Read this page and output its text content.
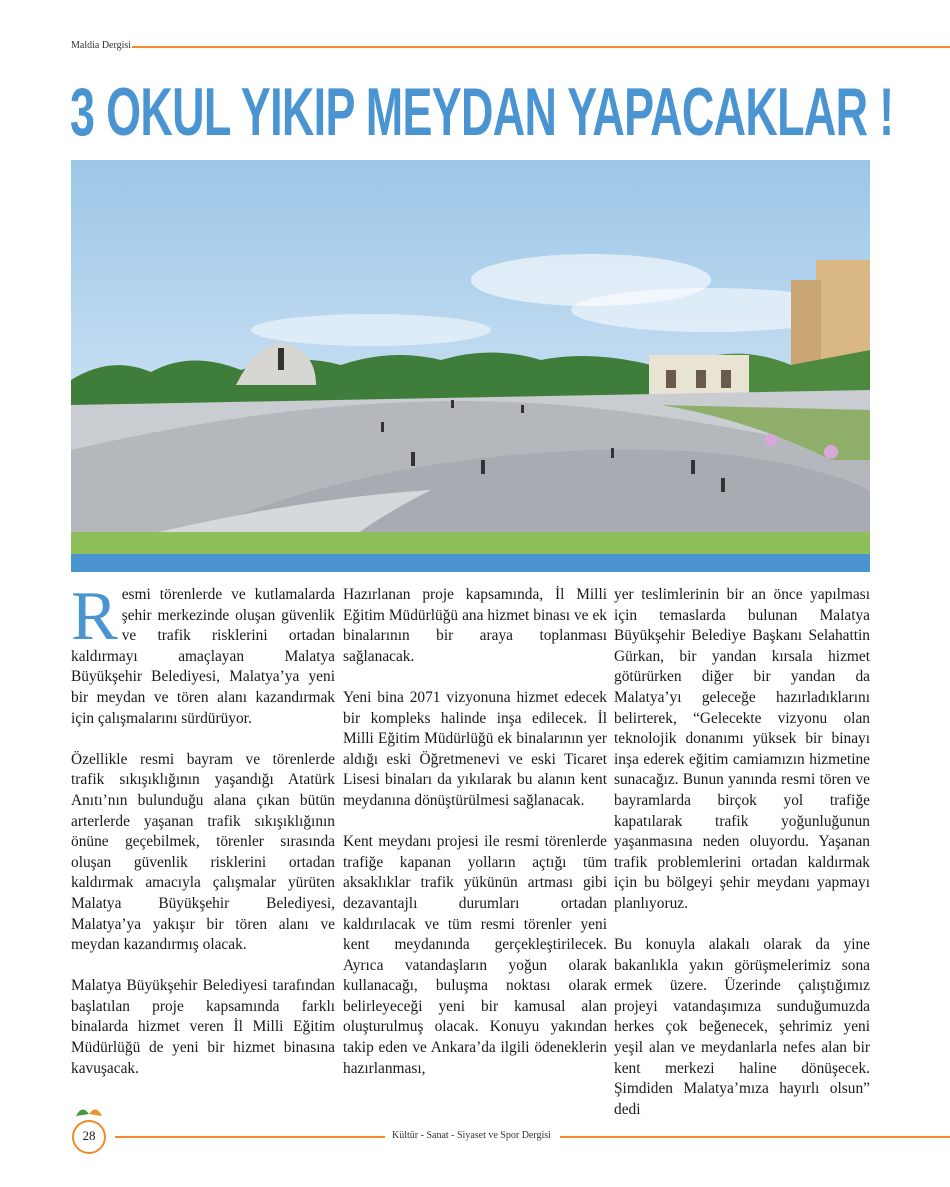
Maldia Dergisi
3 OKUL YIKIP MEYDAN YAPACAKLAR !

Resmi törenlerde ve kutlamalarda şehir merkezinde oluşan güvenlik ve trafik risklerini ortadan kaldırmayı amaçlayan Malatya Büyükşehir Belediyesi, Malatya’ya yeni bir meydan ve tören alanı kazandırmak için çalışmalarını sürdürüyor.

Özellikle resmi bayram ve törenlerde trafik sıkışıklığının yaşandığı Atatürk Anıtı’nın bulunduğu alana çıkan bütün arterlerde yaşanan trafik sıkışıklığının önüne geçebilmek, törenler sırasında oluşan güvenlik risklerini ortadan kaldırmak amacıyla çalışmalar yürüten Malatya Büyükşehir Belediyesi, Malatya’ya yakışır bir tören alanı ve meydan kazandırmış olacak.

Malatya Büyükşehir Belediyesi tarafından başlatılan proje kapsamında farklı binalarda hizmet veren İl Milli Eğitim Müdürlüğü de yeni bir hizmet binasına kavuşacak.

Hazırlanan proje kapsamında, İl Milli Eğitim Müdürlüğü ana hizmet binası ve ek binalarının bir araya toplanması sağlanacak.

Yeni bina 2071 vizyonuna hizmet edecek bir kompleks halinde inşa edilecek. İl Milli Eğitim Müdürlüğü ek binalarının yer aldığı eski Öğretmenevi ve eski Ticaret Lisesi binaları da yıkılarak bu alanın kent meydanına dönüştürülmesi sağlanacak.

Kent meydanı projesi ile resmi törenlerde trafiğe kapanan yolların açtığı tüm aksaklıklar trafik yükünün artması gibi dezavantajlı durumları ortadan kaldırılacak ve tüm resmi törenler yeni kent meydanında gerçekleştirilecek. Ayrıca vatandaşların yoğun olarak kullanacağı, buluşma noktası olarak belirleyeceği yeni bir kamusal alan oluşturulmuş olacak. Konuyu yakından takip eden ve Ankara’da ilgili ödeneklerin hazırlanması,

yer teslimlerinin bir an önce yapılması için temaslarda bulunan Malatya Büyükşehir Belediye Başkanı Selahattin Gürkan, bir yandan kırsala hizmet götürürken diğer bir yandan da Malatya’yı geleceğe hazırladıklarını belirterek, “Gelecekte vizyonu olan teknolojik donanımı yüksek bir binayı inşa ederek eğitim camiamızın hizmetine sunacağız. Bunun yanında resmi tören ve bayramlarda birçok yol trafiğe kapatılarak trafik yoğunluğunun yaşanmasına neden oluyordu. Yaşanan trafik problemlerini ortadan kaldırmak için bu bölgeyi şehir meydanı yapmayı planlıyoruz.

Bu konuyla alakalı olarak da yine bakanlıkla yakın görüşmelerimiz sona ermek üzere. Üzerinde çalıştığımız projeyi vatandaşımıza sunduğumuzda herkes çok beğenecek, şehrimiz yeni yeşil alan ve meydanlarla nefes alan bir kent merkezi haline dönüşecek. Şimdiden Malatya’mıza hayırlı olsun” dedi

28	Kültür - Sanat - Siyaset ve Spor Dergisi
